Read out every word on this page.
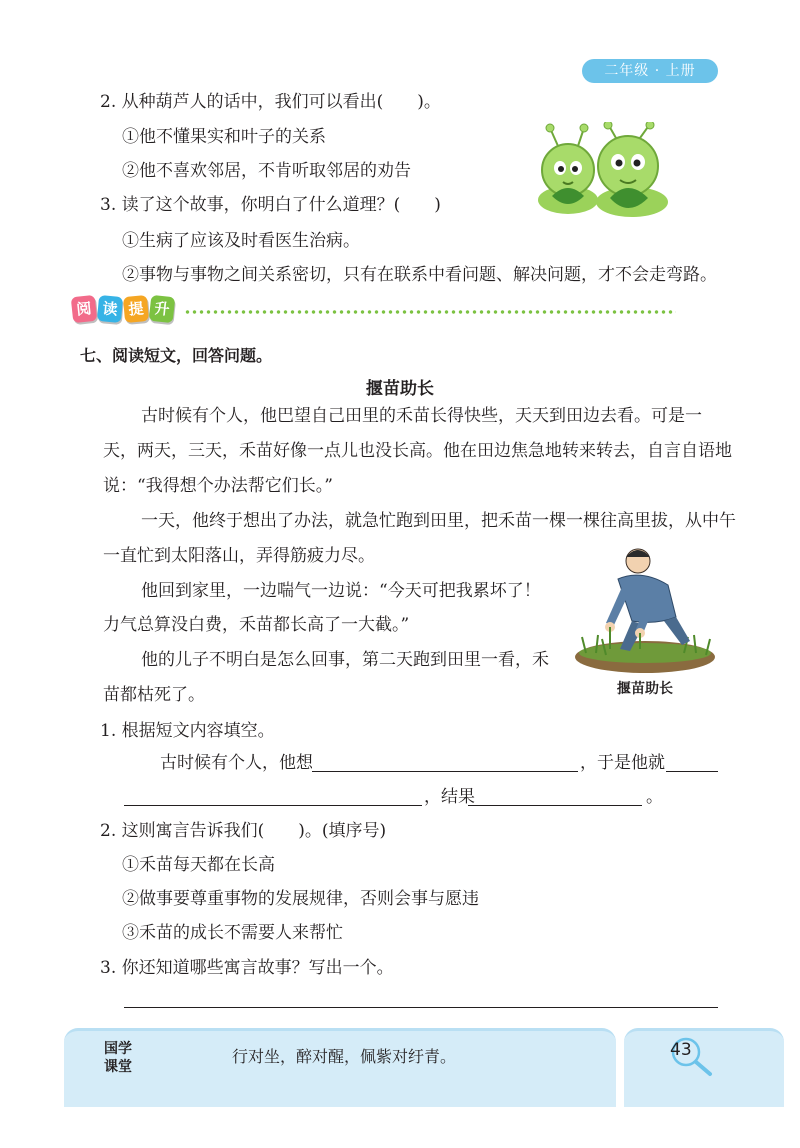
二年级 · 上册
2. 从种葫芦人的话中，我们可以看出(　　)。
①他不懂果实和叶子的关系
②他不喜欢邻居，不肯听取邻居的劝告
3. 读了这个故事，你明白了什么道理？(　　)
①生病了应该及时看医生治病。
②事物与事物之间关系密切，只有在联系中看问题、解决问题，才不会走弯路。
阅 读 提 升
七、阅读短文，回答问题。
揠苗助长
古时候有个人，他巴望自己田里的禾苗长得快些，天天到田边去看。可是一
天，两天，三天，禾苗好像一点儿也没长高。他在田边焦急地转来转去，自言自语地
说：“我得想个办法帮它们长。”
一天，他终于想出了办法，就急忙跑到田里，把禾苗一棵一棵往高里拔，从中午
一直忙到太阳落山，弄得筋疲力尽。
他回到家里，一边喘气一边说：“今天可把我累坏了！
力气总算没白费，禾苗都长高了一大截。”
他的儿子不明白是怎么回事，第二天跑到田里一看，禾
苗都枯死了。	揠苗助长
1. 根据短文内容填空。
古时候有个人，他想	，于是他就
，结果	。
2. 这则寓言告诉我们(　　)。(填序号)
①禾苗每天都在长高
②做事要尊重事物的发展规律，否则会事与愿违
③禾苗的成长不需要人来帮忙
3. 你还知道哪些寓言故事？写出一个。
国学
课堂
行对坐，醉对醒，佩紫对纡青。	43
